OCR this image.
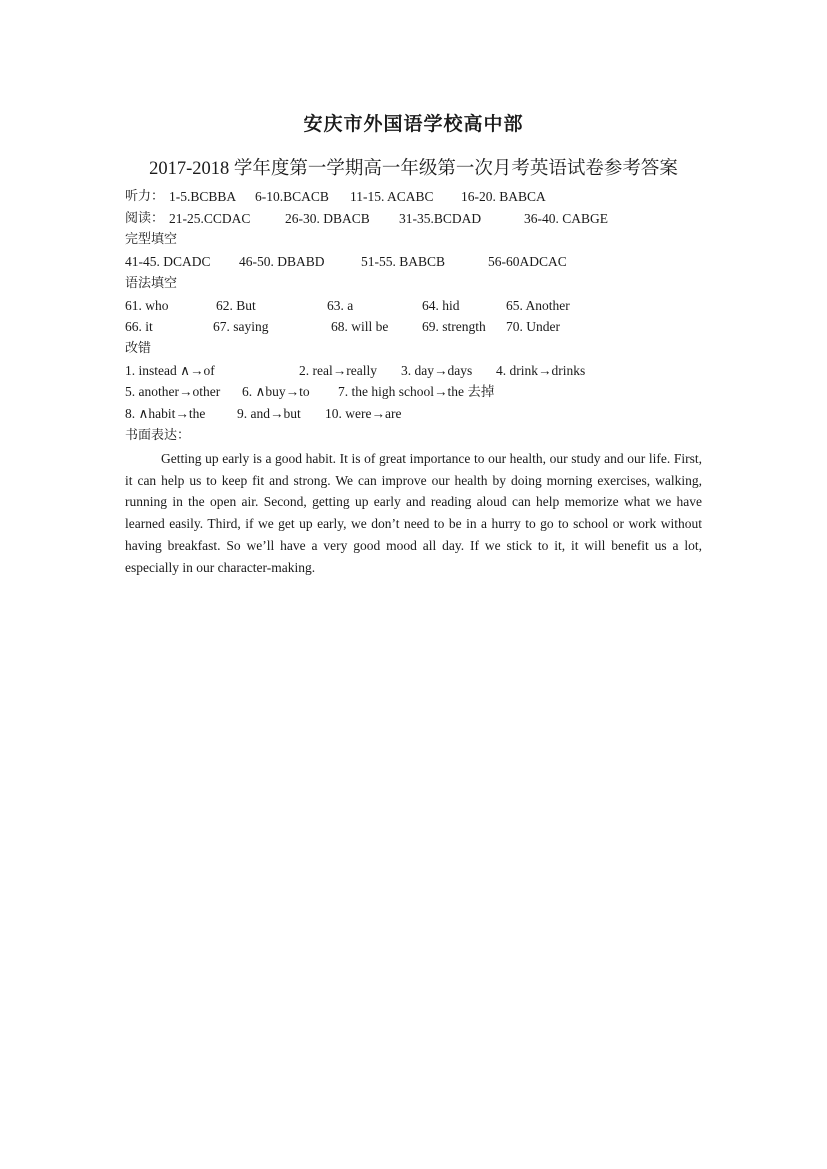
安庆市外国语学校高中部
2017-2018 学年度第一学期高一年级第一次月考英语试卷参考答案
听力： 1-5.BCBBA 6-10.BCACB 11-15. ACABC 16-20. BABCA
阅读： 21-25.CCDAC	26-30. DBACB 31-35.BCDAD	36-40. CABGE
完型填空
41-45. DCADC 46-50. DBABD	51-55. BABCB	56-60ADCAC
语法填空
61. who	62. But	63. a	64. hid	65. Another
66. it	67. saying	68. will be 69. strength 70. Under
改错
1. instead ∧→of	2. real→really 3. day→days 4. drink→drinks
5. another→other 6. ∧buy→to 7. the high school→the 去掉
8. ∧habit→the 9. and→but 10. were→are
书面表达：
Getting up early is a good habit. It is of great importance to our health, our study and our life. First, it can help us to keep fit and strong. We can improve our health by doing morning exercises, walking, running in the open air. Second, getting up early and reading aloud can help memorize what we have learned easily. Third, if we get up early, we don’t need to be in a hurry to go to school or work without having breakfast. So we’ll have a very good mood all day. If we stick to it, it will benefit us a lot, especially in our character-making.
